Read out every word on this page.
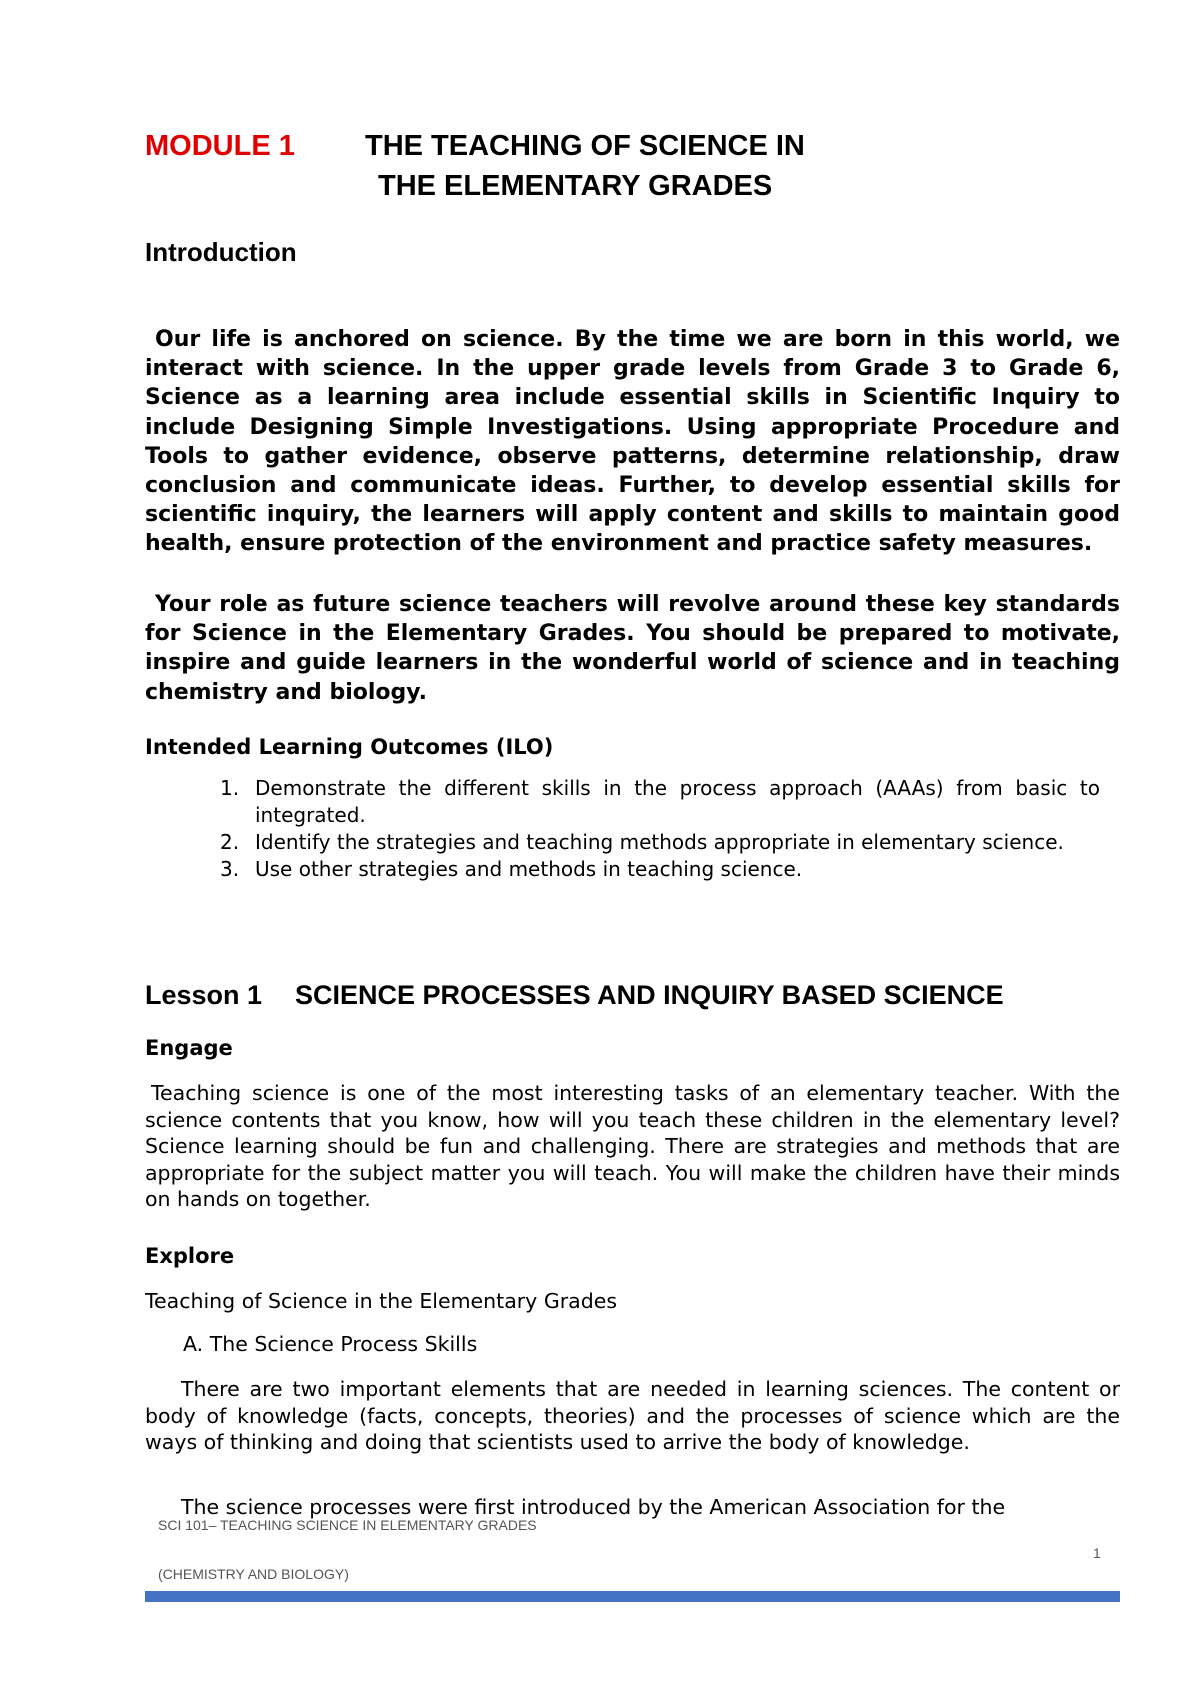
MODULE 1 THE TEACHING OF SCIENCE IN
THE ELEMENTARY GRADES
Introduction
Our life is anchored on science. By the time we are born in this world, we interact with science. In the upper grade levels from Grade 3 to Grade 6, Science as a learning area include essential skills in Scientific Inquiry to include Designing Simple Investigations. Using appropriate Procedure and Tools to gather evidence, observe patterns, determine relationship, draw conclusion and communicate ideas. Further, to develop essential skills for scientific inquiry, the learners will apply content and skills to maintain good health, ensure protection of the environment and practice safety measures.
Your role as future science teachers will revolve around these key standards for Science in the Elementary Grades. You should be prepared to motivate, inspire and guide learners in the wonderful world of science and in teaching chemistry and biology.
Intended Learning Outcomes (ILO)
1. Demonstrate the different skills in the process approach (AAAs) from basic to integrated.
2. Identify the strategies and teaching methods appropriate in elementary science.
3. Use other strategies and methods in teaching science.
Lesson 1 SCIENCE PROCESSES AND INQUIRY BASED SCIENCE
Engage
Teaching science is one of the most interesting tasks of an elementary teacher. With the science contents that you know, how will you teach these children in the elementary level? Science learning should be fun and challenging. There are strategies and methods that are appropriate for the subject matter you will teach. You will make the children have their minds on hands on together.
Explore
Teaching of Science in the Elementary Grades
A. The Science Process Skills
There are two important elements that are needed in learning sciences. The content or body of knowledge (facts, concepts, theories) and the processes of science which are the ways of thinking and doing that scientists used to arrive the body of knowledge.
The science processes were first introduced by the American Association for the
SCI 101– TEACHING SCIENCE IN ELEMENTARY GRADES
1
(CHEMISTRY AND BIOLOGY)
